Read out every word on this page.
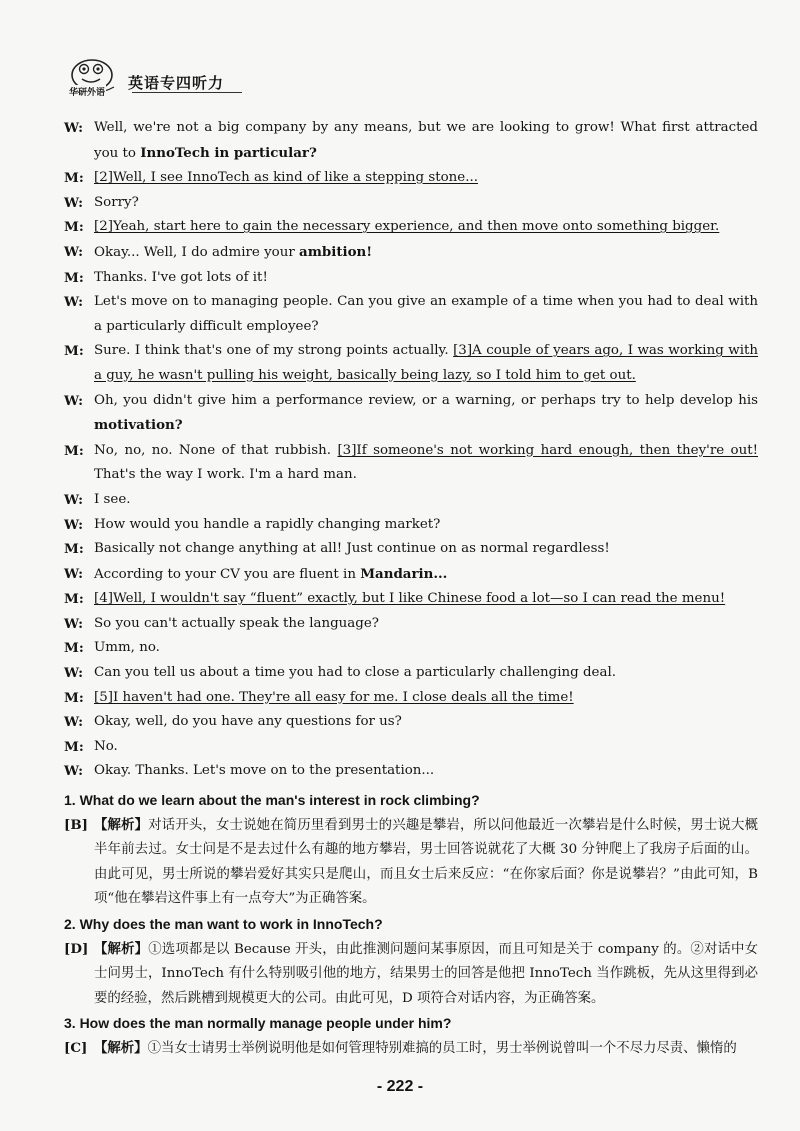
华研外语
英语专四听力
W: Well, we're not a big company by any means, but we are looking to grow! What first attracted you to InnoTech in particular?
M: [2]Well, I see InnoTech as kind of like a stepping stone...
W: Sorry?
M: [2]Yeah, start here to gain the necessary experience, and then move onto something bigger.
W: Okay... Well, I do admire your ambition!
M: Thanks. I've got lots of it!
W: Let's move on to managing people. Can you give an example of a time when you had to deal with a particularly difficult employee?
M: Sure. I think that's one of my strong points actually. [3]A couple of years ago, I was working with a guy, he wasn't pulling his weight, basically being lazy, so I told him to get out.
W: Oh, you didn't give him a performance review, or a warning, or perhaps try to help develop his motivation?
M: No, no, no. None of that rubbish. [3]If someone's not working hard enough, then they're out! That's the way I work. I'm a hard man.
W: I see.
W: How would you handle a rapidly changing market?
M: Basically not change anything at all! Just continue on as normal regardless!
W: According to your CV you are fluent in Mandarin...
M: [4]Well, I wouldn't say “fluent” exactly, but I like Chinese food a lot—so I can read the menu!
W: So you can't actually speak the language?
M: Umm, no.
W: Can you tell us about a time you had to close a particularly challenging deal.
M: [5]I haven't had one. They're all easy for me. I close deals all the time!
W: Okay, well, do you have any questions for us?
M: No.
W: Okay. Thanks. Let's move on to the presentation...
1. What do we learn about the man's interest in rock climbing?
[B] 【解析】对话开头，女士说她在简历里看到男士的兴趣是攀岩，所以问他最近一次攀岩是什么时候，男士说大概半年前去过。女士问是不是去过什么有趣的地方攀岩，男士回答说就花了大概 30 分钟爬上了我房子后面的山。由此可见，男士所说的攀岩爱好其实只是爬山，而且女士后来反应：“在你家后面？你是说攀岩？”由此可知，B 项“他在攀岩这件事上有一点夸大”为正确答案。
2. Why does the man want to work in InnoTech?
[D] 【解析】①选项都是以 Because 开头，由此推测问题问某事原因，而且可知是关于 company 的。②对话中女士问男士，InnoTech 有什么特别吸引他的地方，结果男士的回答是他把 InnoTech 当作跳板，先从这里得到必要的经验，然后跳槽到规模更大的公司。由此可见，D 项符合对话内容，为正确答案。
3. How does the man normally manage people under him?
[C] 【解析】①当女士请男士举例说明他是如何管理特别难搞的员工时，男士举例说曾叫一个不尽力尽责、懒惰的
- 222 -
